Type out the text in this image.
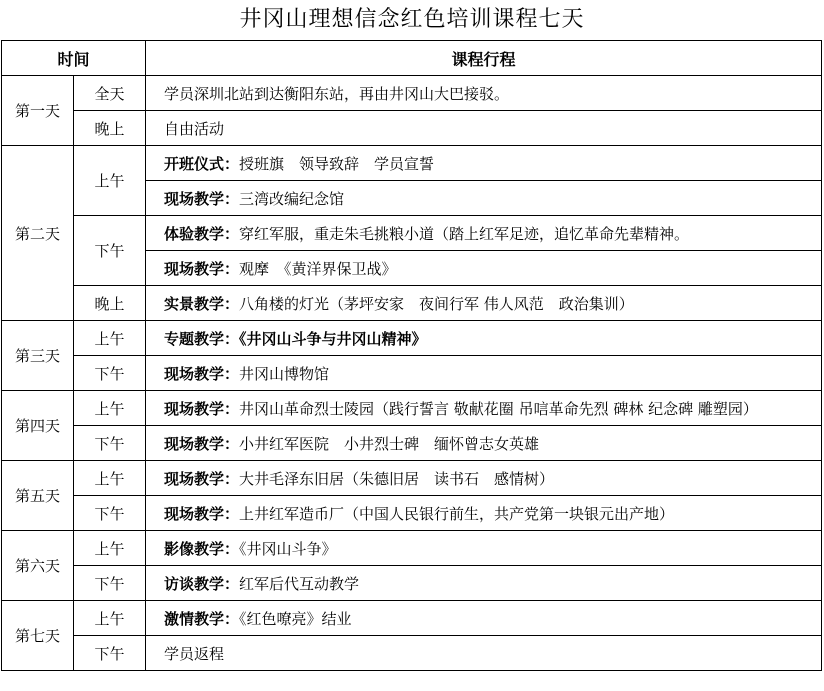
井冈山理想信念红色培训课程七天
时间		课程行程
第一天	全天	学员深圳北站到达衡阳东站，再由井冈山大巴接驳。
	晚上	自由活动
第二天	上午	开班仪式：授班旗　领导致辞　学员宣誓
		现场教学：三湾改编纪念馆
	下午	体验教学：穿红军服，重走朱毛挑粮小道（踏上红军足迹，追忆革命先辈精神。
		现场教学：观摩　《黄洋界保卫战》
	晚上	实景教学：八角楼的灯光（茅坪安家　夜间行军 伟人风范　政治集训）
第三天	上午	专题教学：《井冈山斗争与井冈山精神》
	下午	现场教学：井冈山博物馆
第四天	上午	现场教学：井冈山革命烈士陵园（践行誓言 敬献花圈 吊唁革命先烈 碑林 纪念碑 雕塑园）
	下午	现场教学：小井红军医院　小井烈士碑　缅怀曾志女英雄
第五天	上午	现场教学：大井毛泽东旧居（朱德旧居　读书石　感情树）
	下午	现场教学：上井红军造币厂（中国人民银行前生，共产党第一块银元出产地）
第六天	上午	影像教学：《井冈山斗争》
	下午	访谈教学：红军后代互动教学
第七天	上午	激情教学：《红色嘹亮》结业
	下午	学员返程
